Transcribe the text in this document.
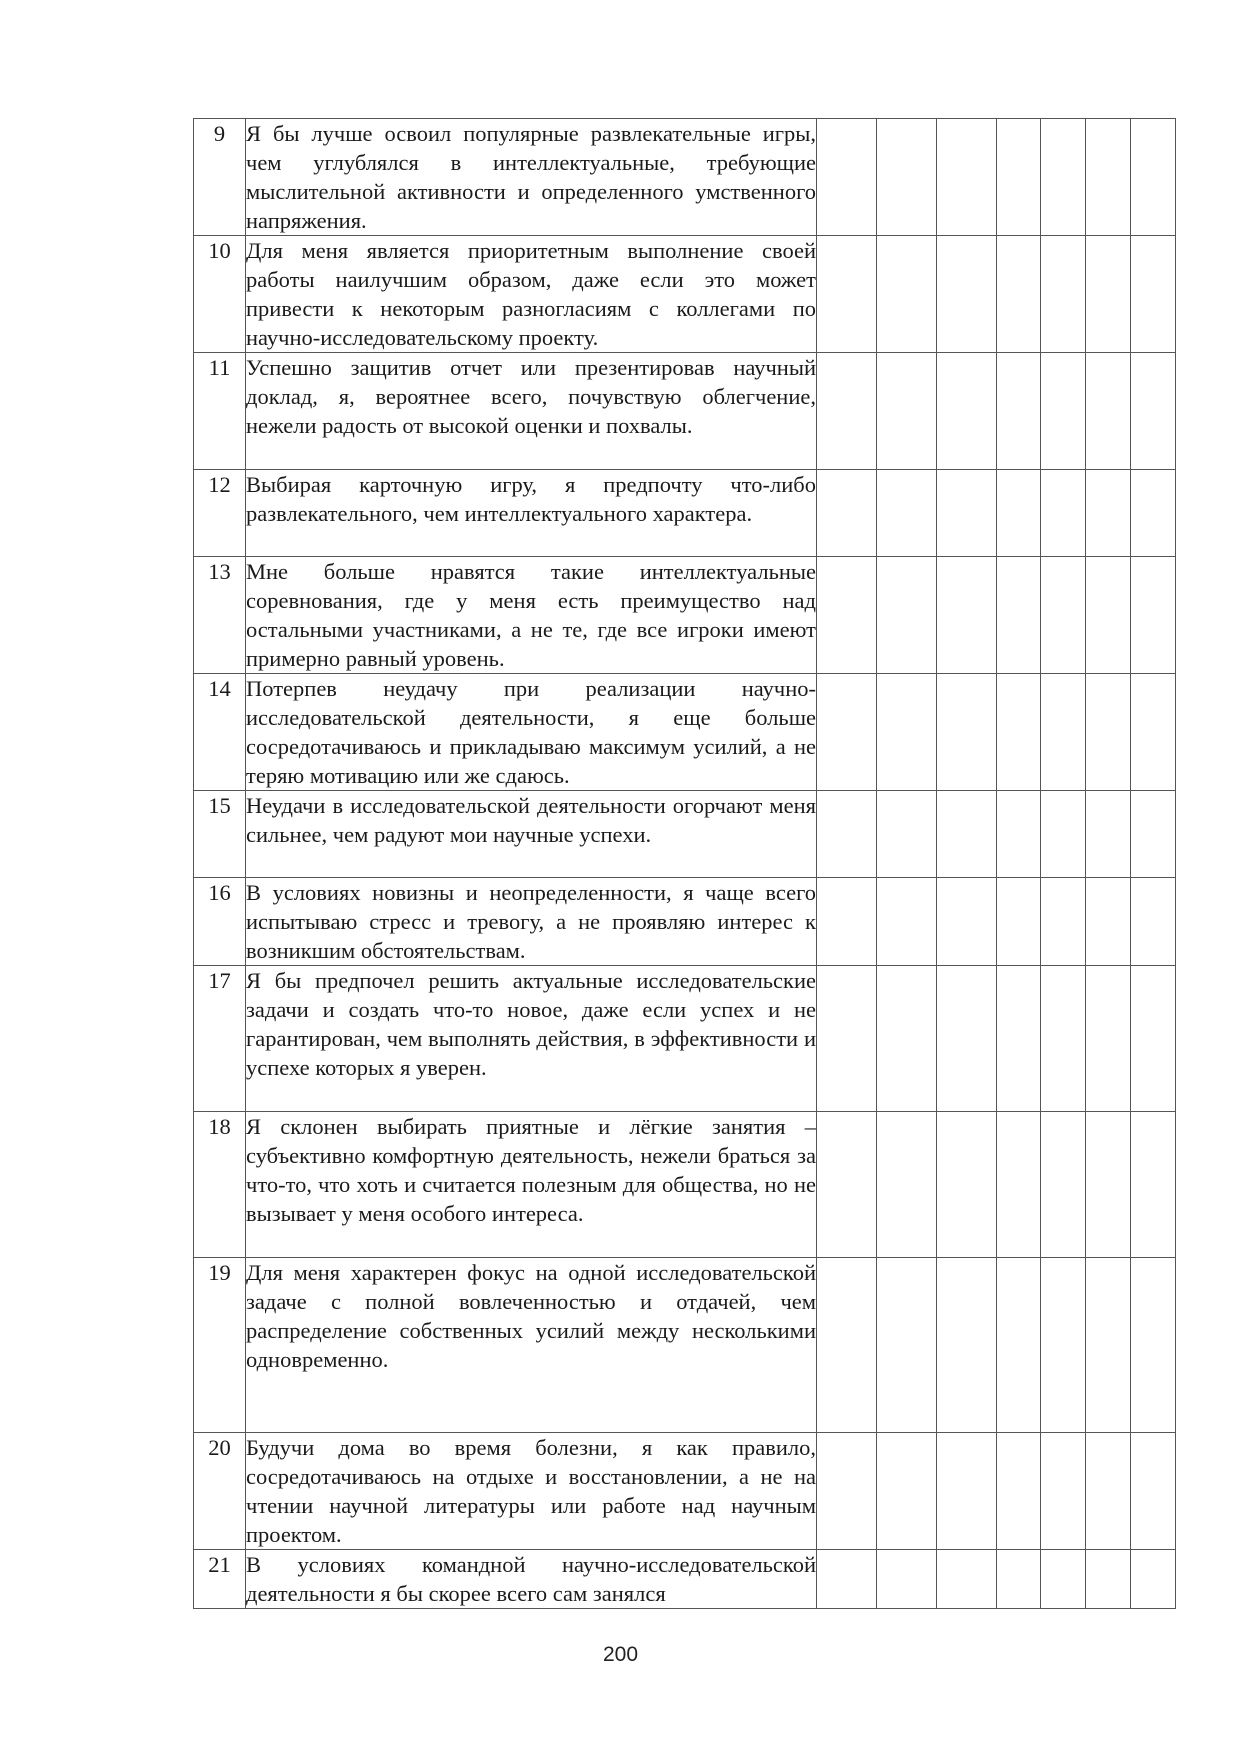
9	Я бы лучше освоил популярные развлекательные игры, чем углублялся в интеллектуальные, требующие мыслительной активности и определенного умственного напряжения.							
10	Для меня является приоритетным выполнение своей работы наилучшим образом, даже если это может привести к некоторым разногласиям с коллегами по научно-исследовательскому проекту.							
11	Успешно защитив отчет или презентировав научный доклад, я, вероятнее всего, почувствую облегчение, нежели радость от высокой оценки и похвалы.							
12	Выбирая карточную игру, я предпочту что-либо развлекательного, чем интеллектуального характера.							
13	Мне больше нравятся такие интеллектуальные соревнования, где у меня есть преимущество над остальными участниками, а не те, где все игроки имеют примерно равный уровень.							
14	Потерпев неудачу при реализации научно-исследовательской деятельности, я еще больше сосредотачиваюсь и прикладываю максимум усилий, а не теряю мотивацию или же сдаюсь.							
15	Неудачи в исследовательской деятельности огорчают меня сильнее, чем радуют мои научные успехи.							
16	В условиях новизны и неопределенности, я чаще всего испытываю стресс и тревогу, а не проявляю интерес к возникшим обстоятельствам.							
17	Я бы предпочел решить актуальные исследовательские задачи и создать что-то новое, даже если успех и не гарантирован, чем выполнять действия, в эффективности и успехе которых я уверен.							
18	Я склонен выбирать приятные и лёгкие занятия – субъективно комфортную деятельность, нежели браться за что-то, что хоть и считается полезным для общества, но не вызывает у меня особого интереса.							
19	Для меня характерен фокус на одной исследовательской задаче с полной вовлеченностью и отдачей, чем распределение собственных усилий между несколькими одновременно.							
20	Будучи дома во время болезни, я как правило, сосредотачиваюсь на отдыхе и восстановлении, а не на чтении научной литературы или работе над научным проектом.							
21	В условиях командной научно-исследовательской деятельности я бы скорее всего сам занялся							
200
